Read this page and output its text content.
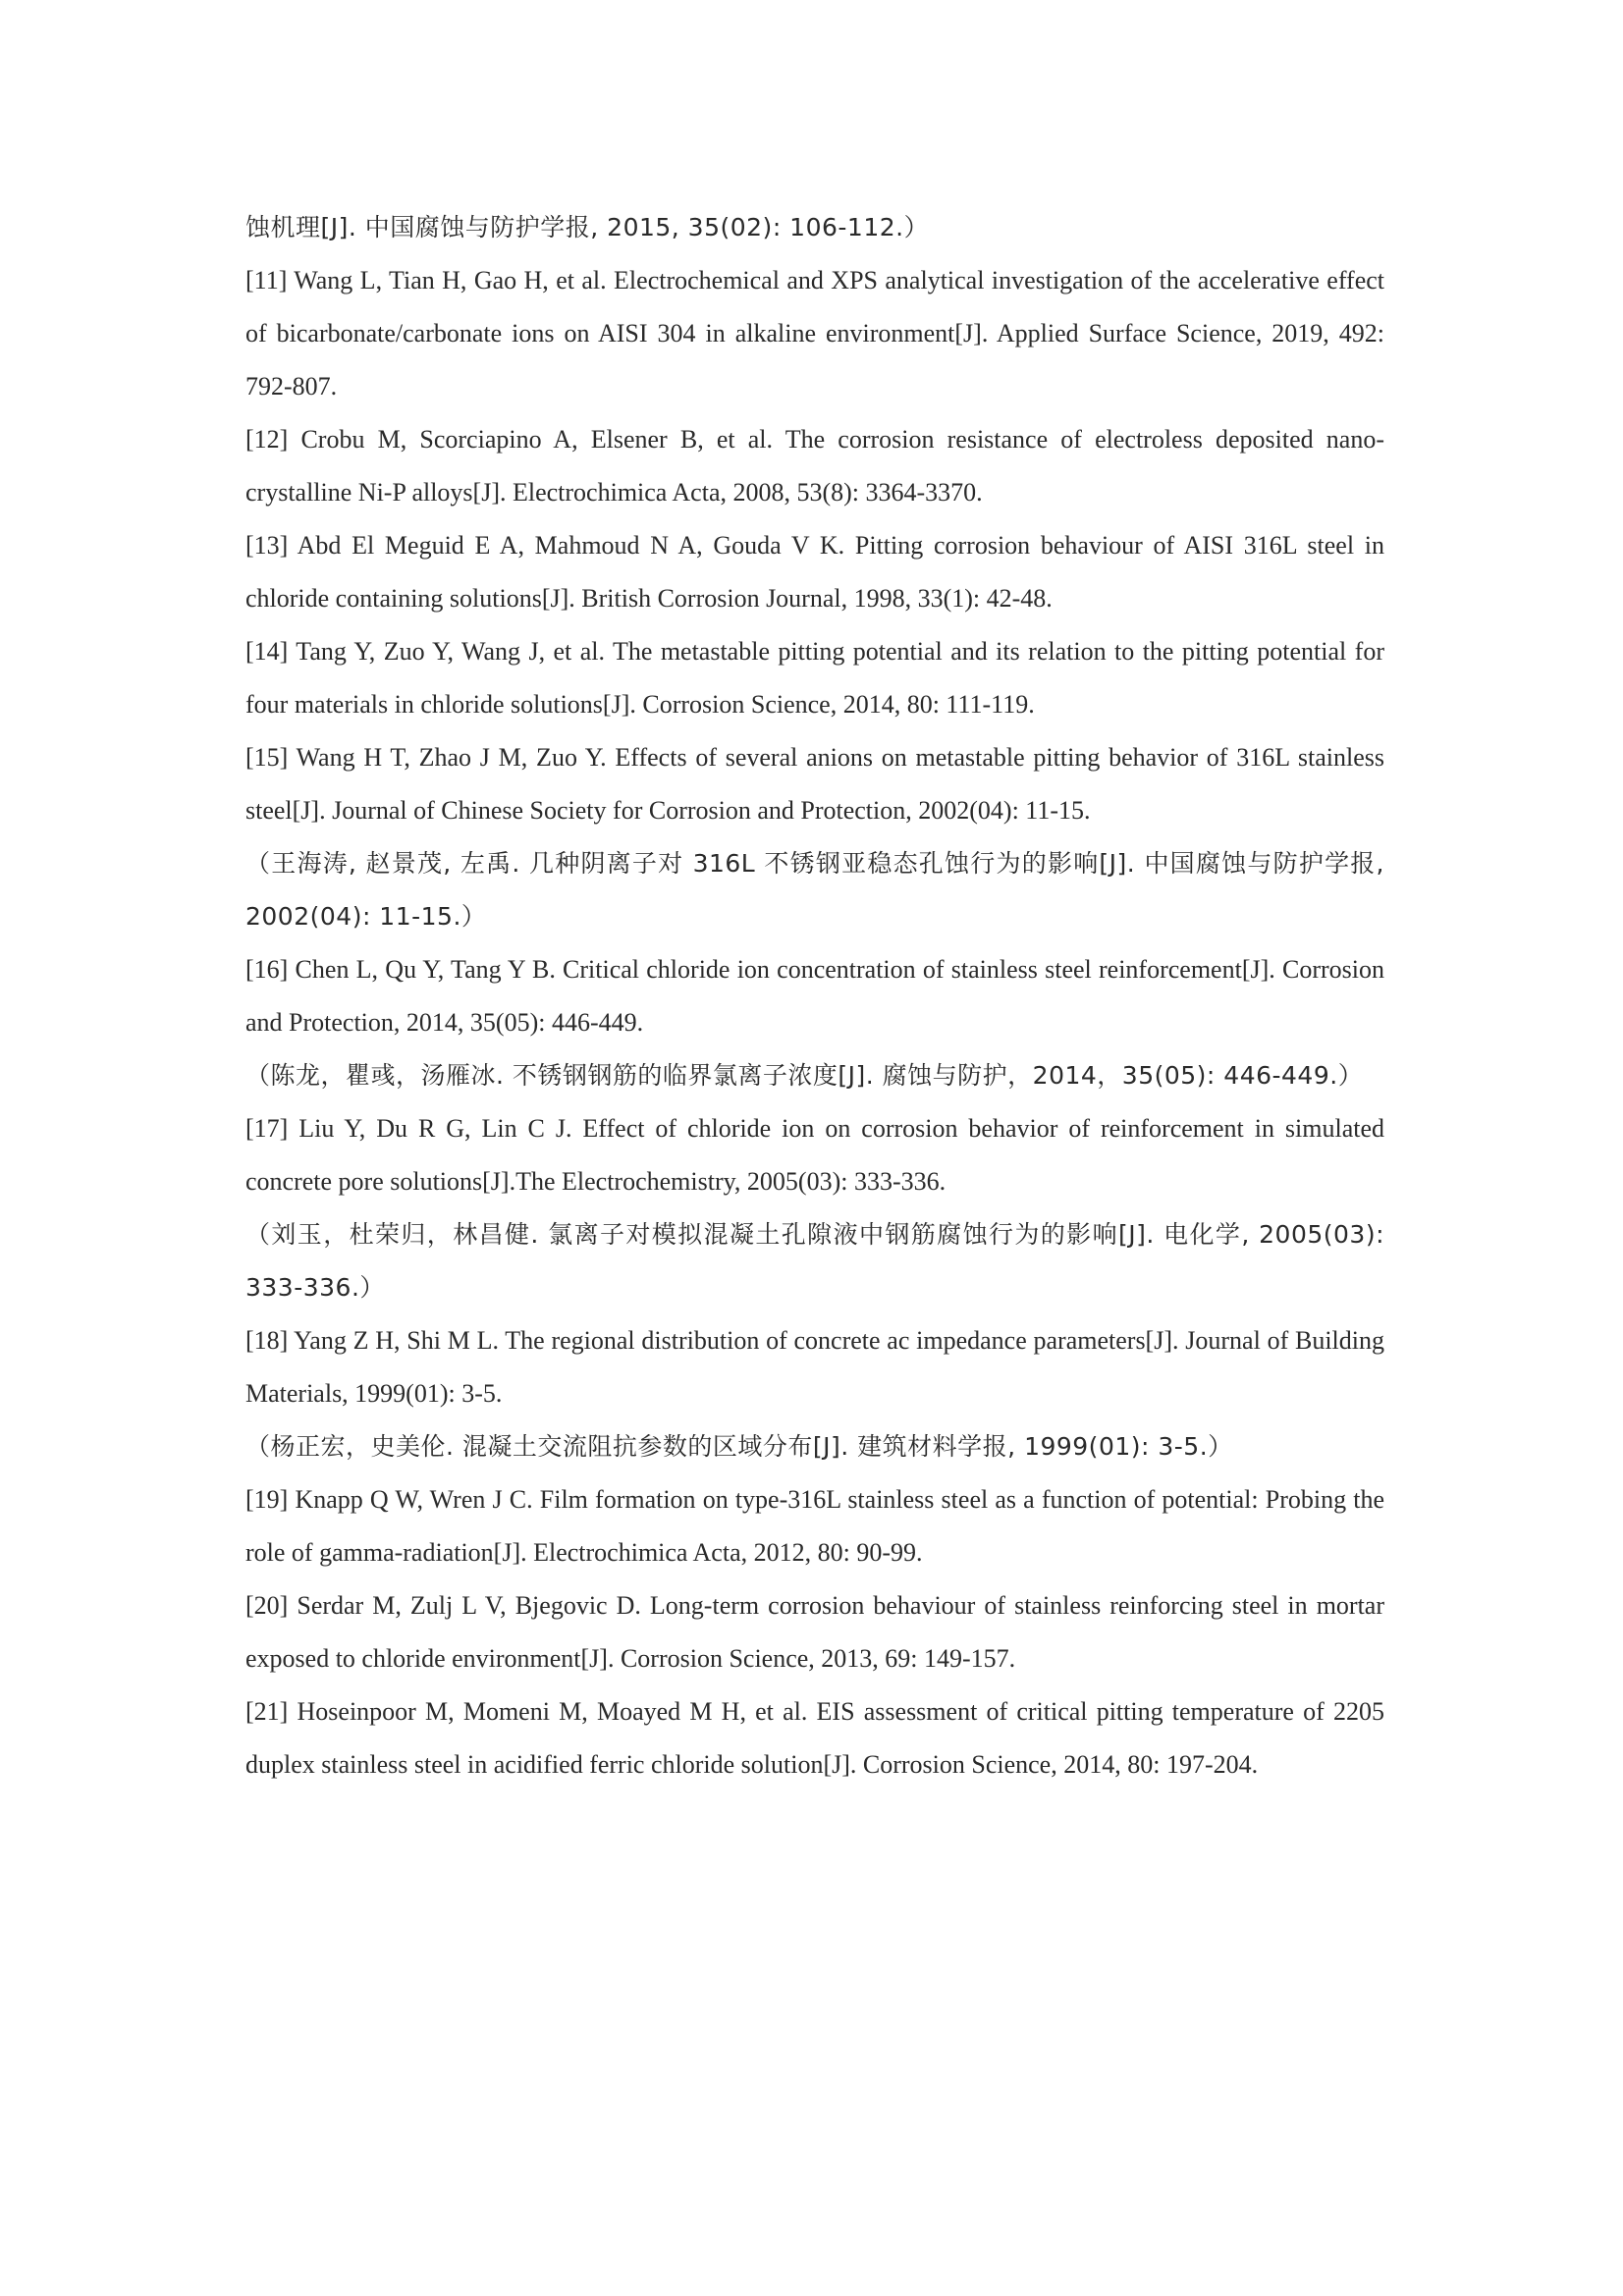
蚀机理[J]. 中国腐蚀与防护学报, 2015, 35(02): 106-112.）

[11] Wang L, Tian H, Gao H, et al. Electrochemical and XPS analytical investigation of the accelerative effect of bicarbonate/carbonate ions on AISI 304 in alkaline environment[J]. Applied Surface Science, 2019, 492: 792-807.

[12] Crobu M, Scorciapino A, Elsener B, et al. The corrosion resistance of electroless deposited nano-crystalline Ni-P alloys[J]. Electrochimica Acta, 2008, 53(8): 3364-3370.

[13] Abd El Meguid E A, Mahmoud N A, Gouda V K. Pitting corrosion behaviour of AISI 316L steel in chloride containing solutions[J]. British Corrosion Journal, 1998, 33(1): 42-48.

[14] Tang Y, Zuo Y, Wang J, et al. The metastable pitting potential and its relation to the pitting potential for four materials in chloride solutions[J]. Corrosion Science, 2014, 80: 111-119.

[15] Wang H T, Zhao J M, Zuo Y. Effects of several anions on metastable pitting behavior of 316L stainless steel[J]. Journal of Chinese Society for Corrosion and Protection, 2002(04): 11-15.

（王海涛, 赵景茂, 左禹. 几种阴离子对 316L 不锈钢亚稳态孔蚀行为的影响[J]. 中国腐蚀与防护学报, 2002(04): 11-15.）

[16] Chen L, Qu Y, Tang Y B. Critical chloride ion concentration of stainless steel reinforcement[J]. Corrosion and Protection, 2014, 35(05): 446-449.

（陈龙，瞿彧，汤雁冰. 不锈钢钢筋的临界氯离子浓度[J]. 腐蚀与防护，2014，35(05): 446-449.）

[17] Liu Y, Du R G, Lin C J. Effect of chloride ion on corrosion behavior of reinforcement in simulated concrete pore solutions[J].The Electrochemistry, 2005(03): 333-336.

（刘玉，杜荣归，林昌健. 氯离子对模拟混凝土孔隙液中钢筋腐蚀行为的影响[J]. 电化学, 2005(03): 333-336.）

[18] Yang Z H, Shi M L. The regional distribution of concrete ac impedance parameters[J]. Journal of Building Materials, 1999(01): 3-5.

（杨正宏，史美伦. 混凝土交流阻抗参数的区域分布[J]. 建筑材料学报, 1999(01): 3-5.）

[19] Knapp Q W, Wren J C. Film formation on type-316L stainless steel as a function of potential: Probing the role of gamma-radiation[J]. Electrochimica Acta, 2012, 80: 90-99.

[20] Serdar M, Zulj L V, Bjegovic D. Long-term corrosion behaviour of stainless reinforcing steel in mortar exposed to chloride environment[J]. Corrosion Science, 2013, 69: 149-157.

[21] Hoseinpoor M, Momeni M, Moayed M H, et al. EIS assessment of critical pitting temperature of 2205 duplex stainless steel in acidified ferric chloride solution[J]. Corrosion Science, 2014, 80: 197-204.
